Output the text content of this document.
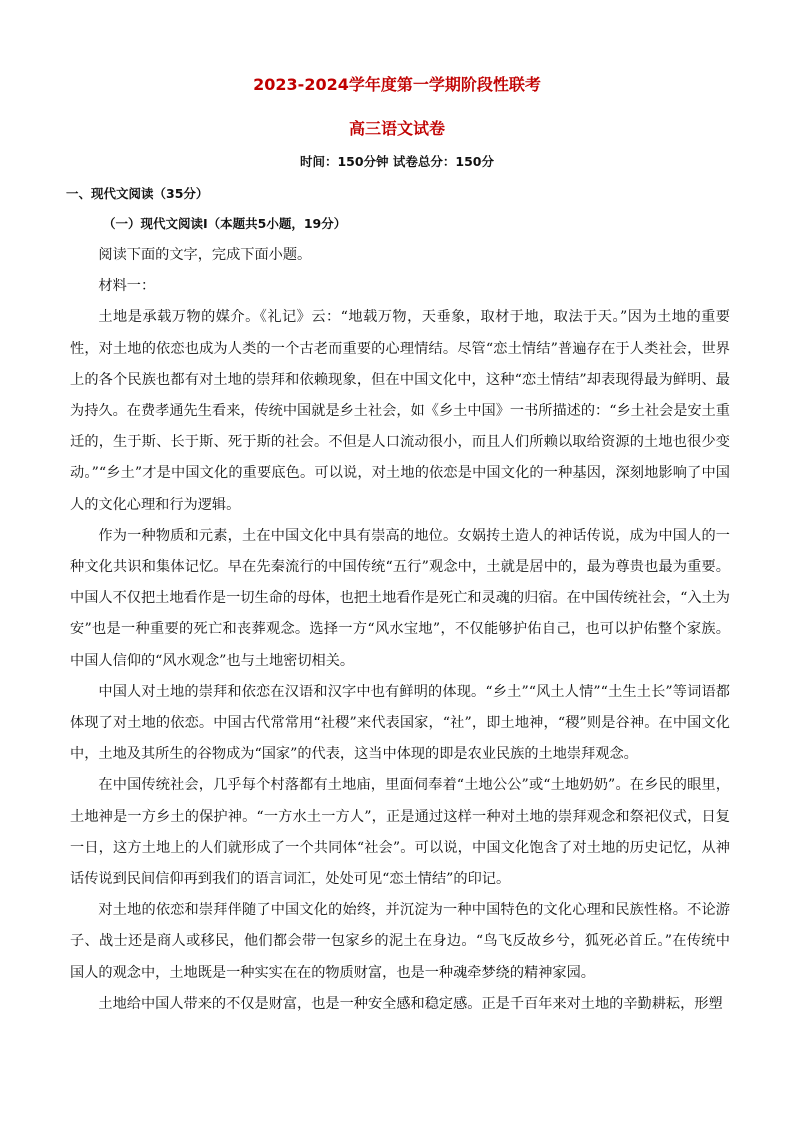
2023-2024学年度第一学期阶段性联考
高三语文试卷
时间：150分钟 试卷总分：150分
一、现代文阅读（35分）
（一）现代文阅读Ⅰ（本题共5小题，19分）

阅读下面的文字，完成下面小题。

材料一：

土地是承载万物的媒介。《礼记》云：“地载万物，天垂象，取材于地，取法于天。”因为土地的重要性，对土地的依恋也成为人类的一个古老而重要的心理情结。尽管“恋土情结”普遍存在于人类社会，世界上的各个民族也都有对土地的崇拜和依赖现象，但在中国文化中，这种“恋土情结”却表现得最为鲜明、最为持久。在费孝通先生看来，传统中国就是乡土社会，如《乡土中国》一书所描述的：“乡土社会是安土重迁的，生于斯、长于斯、死于斯的社会。不但是人口流动很小，而且人们所赖以取给资源的土地也很少变动。”“乡土”才是中国文化的重要底色。可以说，对土地的依恋是中国文化的一种基因，深刻地影响了中国人的文化心理和行为逻辑。

作为一种物质和元素，土在中国文化中具有崇高的地位。女娲抟土造人的神话传说，成为中国人的一种文化共识和集体记忆。早在先秦流行的中国传统“五行”观念中，土就是居中的，最为尊贵也最为重要。中国人不仅把土地看作是一切生命的母体，也把土地看作是死亡和灵魂的归宿。在中国传统社会，“入土为安”也是一种重要的死亡和丧葬观念。选择一方“风水宝地”，不仅能够护佑自己，也可以护佑整个家族。中国人信仰的“风水观念”也与土地密切相关。

中国人对土地的崇拜和依恋在汉语和汉字中也有鲜明的体现。“乡土”“风土人情”“土生土长”等词语都体现了对土地的依恋。中国古代常常用“社稷”来代表国家，“社”，即土地神，“稷”则是谷神。在中国文化中，土地及其所生的谷物成为“国家”的代表，这当中体现的即是农业民族的土地崇拜观念。

在中国传统社会，几乎每个村落都有土地庙，里面伺奉着“土地公公”或“土地奶奶”。在乡民的眼里，土地神是一方乡土的保护神。“一方水土一方人”，正是通过这样一种对土地的崇拜观念和祭祀仪式，日复一日，这方土地上的人们就形成了一个共同体“社会”。可以说，中国文化饱含了对土地的历史记忆，从神话传说到民间信仰再到我们的语言词汇，处处可见“恋土情结”的印记。

对土地的依恋和崇拜伴随了中国文化的始终，并沉淀为一种中国特色的文化心理和民族性格。不论游子、战士还是商人或移民，他们都会带一包家乡的泥土在身边。“鸟飞反故乡兮，狐死必首丘。”在传统中国人的观念中，土地既是一种实实在在的物质财富，也是一种魂牵梦绕的精神家园。

土地给中国人带来的不仅是财富，也是一种安全感和稳定感。正是千百年来对土地的辛勤耕耘，形塑
